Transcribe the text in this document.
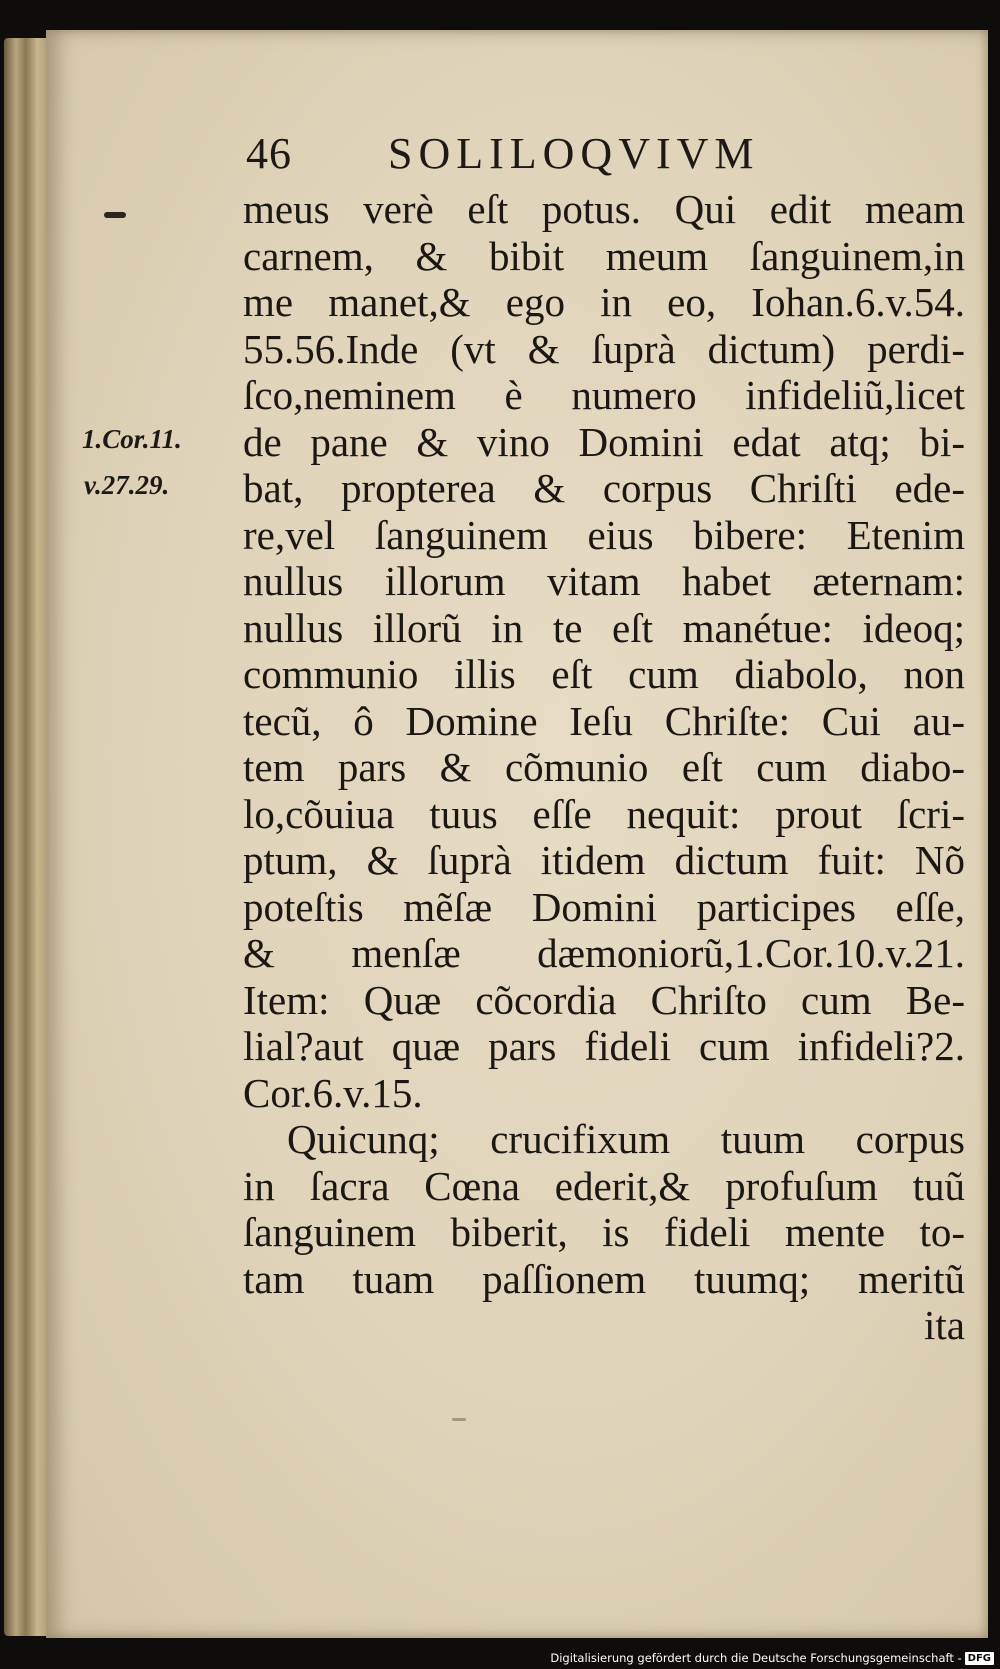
46 SOLILOQVIVM
1.Cor.11.
v.27.29.
meus verè eſt potus. Qui edit meam
carnem, & bibit meum ſanguinem,in
me manet,& ego in eo, Iohan.6.v.54.
55.56.Inde (vt & ſuprà dictum) perdi-
ſco,neminem è numero infideliũ,licet
de pane & vino Domini edat atq; bi-
bat, propterea & corpus Chriſti ede-
re,vel ſanguinem eius bibere: Etenim
nullus illorum vitam habet æternam:
nullus illorũ in te eſt manétue: ideoq;
communio illis eſt cum diabolo, non
tecũ, ô Domine Ieſu Chriſte: Cui au-
tem pars & cõmunio eſt cum diabo-
lo,cõuiua tuus eſſe nequit: prout ſcri-
ptum, & ſuprà itidem dictum fuit: Nõ
poteſtis mẽſæ Domini participes eſſe,
& menſæ dæmoniorũ,1.Cor.10.v.21.
Item: Quæ cõcordia Chriſto cum Be-
lial?aut quæ pars fideli cum infideli?2.
Cor.6.v.15.
Quicunq; crucifixum tuum corpus
in ſacra Cœna ederit,& profuſum tuũ
ſanguinem biberit, is fideli mente to-
tam tuam paſſionem tuumq; meritũ
ita
Digitalisierung gefördert durch die Deutsche Forschungsgemeinschaft - DFG
